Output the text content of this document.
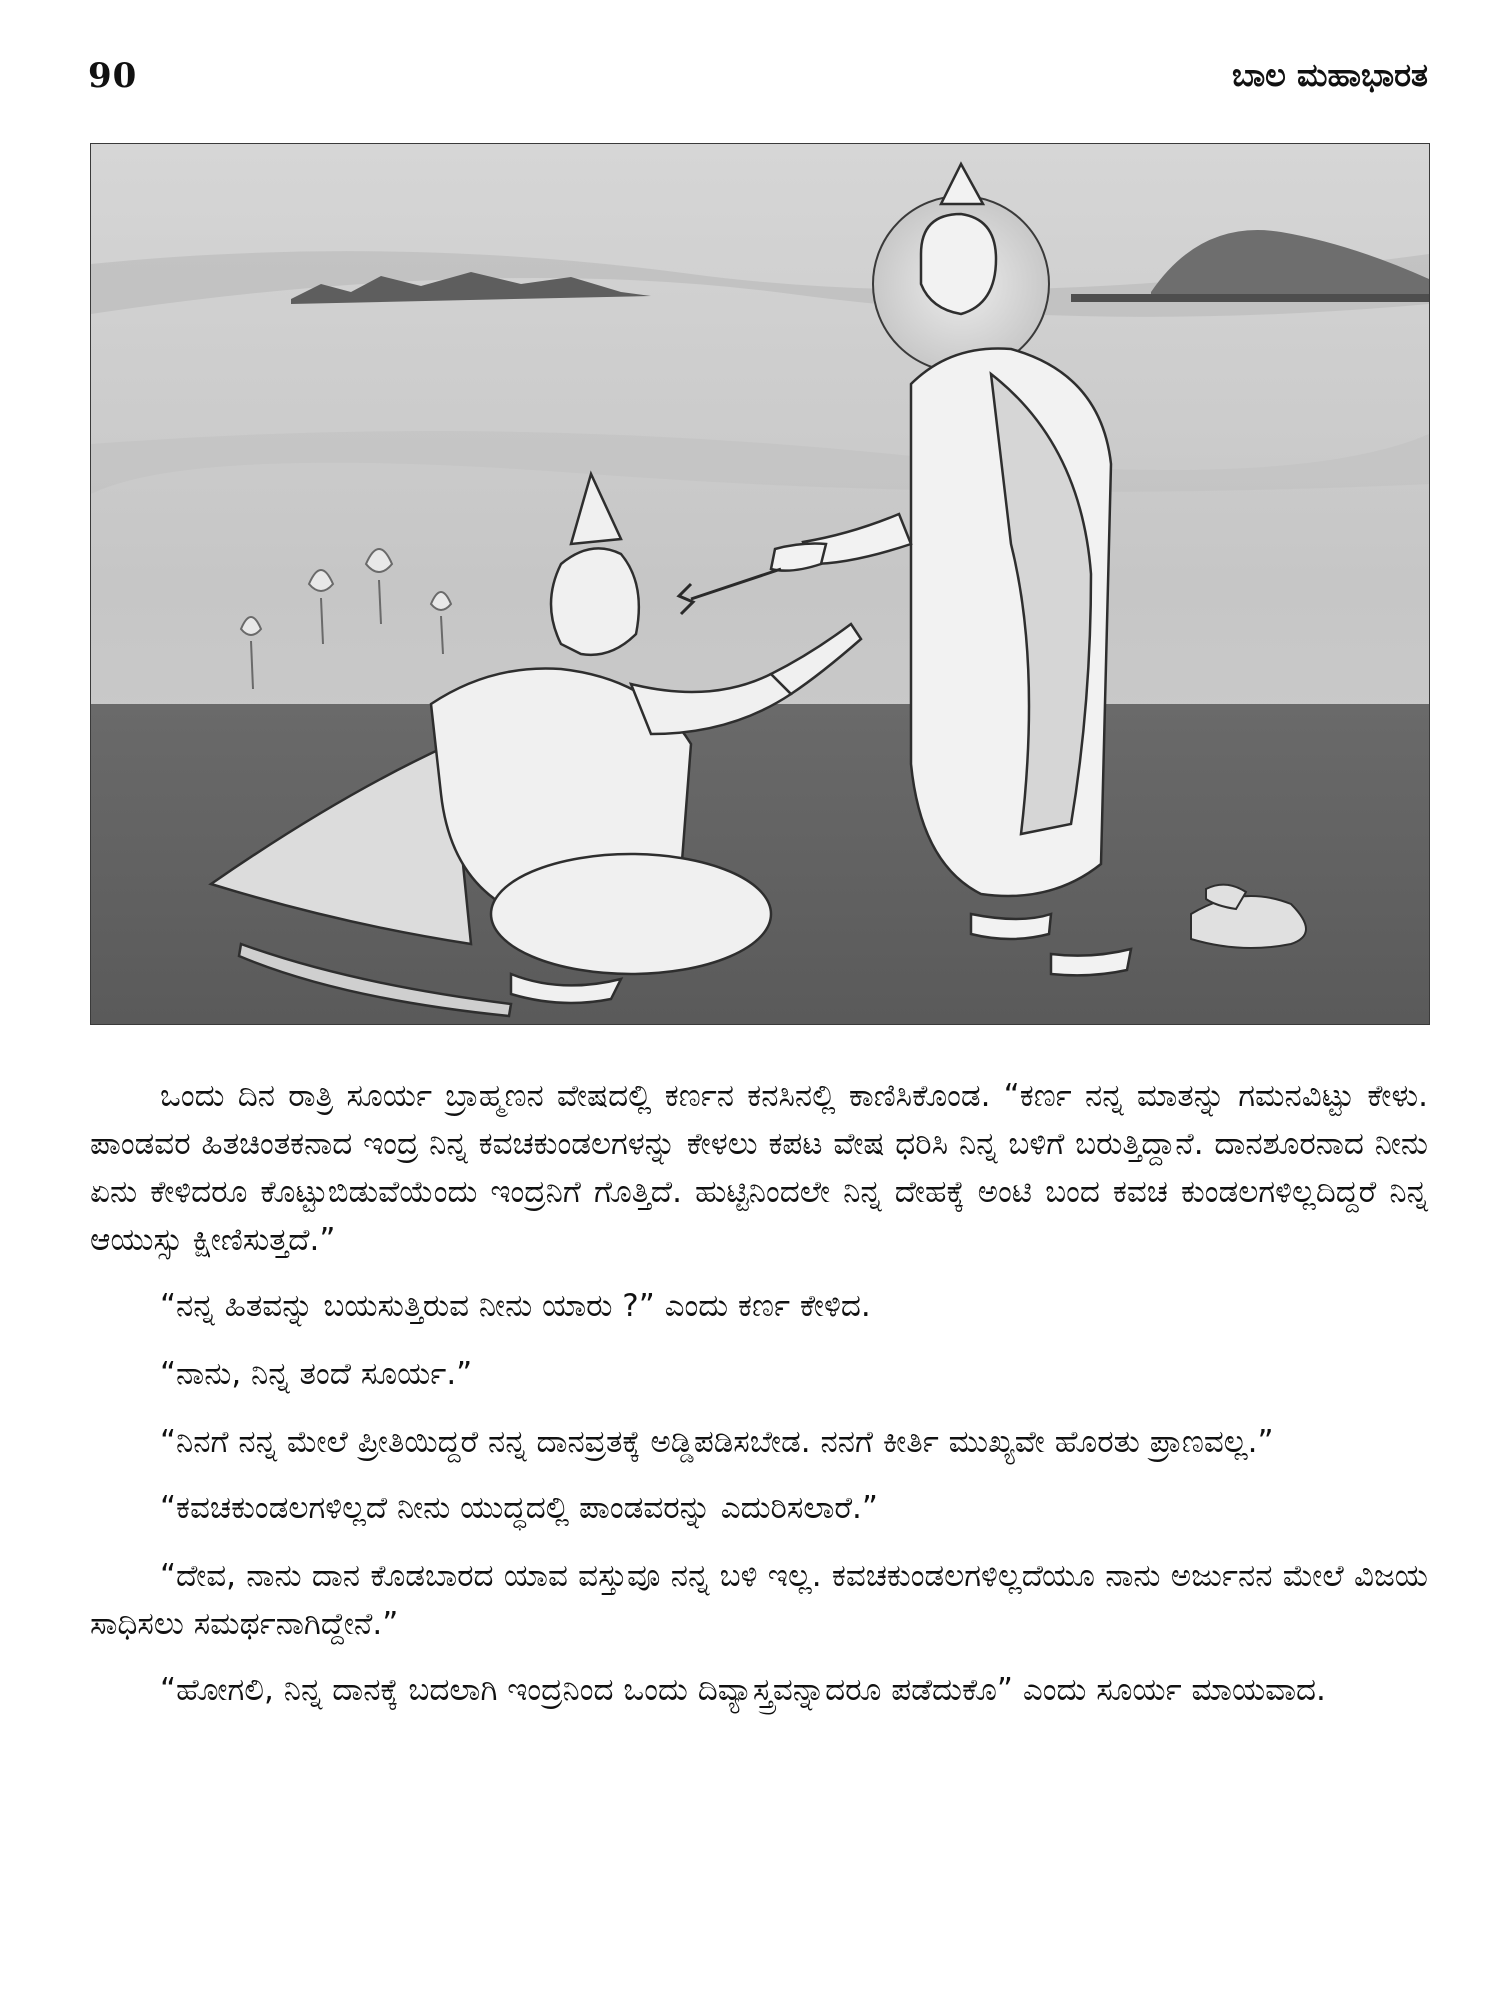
90	ಬಾಲ ಮಹಾಭಾರತ

ಒಂದು ದಿನ ರಾತ್ರಿ ಸೂರ್ಯ ಬ್ರಾಹ್ಮಣನ ವೇಷದಲ್ಲಿ ಕರ್ಣನ ಕನಸಿನಲ್ಲಿ ಕಾಣಿಸಿಕೊಂಡ. “ಕರ್ಣ ನನ್ನ ಮಾತನ್ನು ಗಮನವಿಟ್ಟು ಕೇಳು. ಪಾಂಡವರ ಹಿತಚಿಂತಕನಾದ ಇಂದ್ರ ನಿನ್ನ ಕವಚಕುಂಡಲಗಳನ್ನು ಕೇಳಲು ಕಪಟ ವೇಷ ಧರಿಸಿ ನಿನ್ನ ಬಳಿಗೆ ಬರುತ್ತಿದ್ದಾನೆ. ದಾನಶೂರನಾದ ನೀನು ಏನು ಕೇಳಿದರೂ ಕೊಟ್ಟುಬಿಡುವೆಯೆಂದು ಇಂದ್ರನಿಗೆ ಗೊತ್ತಿದೆ. ಹುಟ್ಟಿನಿಂದಲೇ ನಿನ್ನ ದೇಹಕ್ಕೆ ಅಂಟಿ ಬಂದ ಕವಚ ಕುಂಡಲಗಳಿಲ್ಲದಿದ್ದರೆ ನಿನ್ನ ಆಯುಸ್ಸು ಕ್ಷೀಣಿಸುತ್ತದೆ.”

“ನನ್ನ ಹಿತವನ್ನು ಬಯಸುತ್ತಿರುವ ನೀನು ಯಾರು ?” ಎಂದು ಕರ್ಣ ಕೇಳಿದ.

“ನಾನು, ನಿನ್ನ ತಂದೆ ಸೂರ್ಯ.”

“ನಿನಗೆ ನನ್ನ ಮೇಲೆ ಪ್ರೀತಿಯಿದ್ದರೆ ನನ್ನ ದಾನವ್ರತಕ್ಕೆ ಅಡ್ಡಿಪಡಿಸಬೇಡ. ನನಗೆ ಕೀರ್ತಿ ಮುಖ್ಯವೇ ಹೊರತು ಪ್ರಾಣವಲ್ಲ.”

“ಕವಚಕುಂಡಲಗಳಿಲ್ಲದೆ ನೀನು ಯುದ್ಧದಲ್ಲಿ ಪಾಂಡವರನ್ನು ಎದುರಿಸಲಾರೆ.”

“ದೇವ, ನಾನು ದಾನ ಕೊಡಬಾರದ ಯಾವ ವಸ್ತುವೂ ನನ್ನ ಬಳಿ ಇಲ್ಲ. ಕವಚಕುಂಡಲಗಳಿಲ್ಲದೆಯೂ ನಾನು ಅರ್ಜುನನ ಮೇಲೆ ವಿಜಯ ಸಾಧಿಸಲು ಸಮರ್ಥನಾಗಿದ್ದೇನೆ.”

“ಹೋಗಲಿ, ನಿನ್ನ ದಾನಕ್ಕೆ ಬದಲಾಗಿ ಇಂದ್ರನಿಂದ ಒಂದು ದಿವ್ಯಾಸ್ತ್ರವನ್ನಾದರೂ ಪಡೆದುಕೊ” ಎಂದು ಸೂರ್ಯ ಮಾಯವಾದ.
